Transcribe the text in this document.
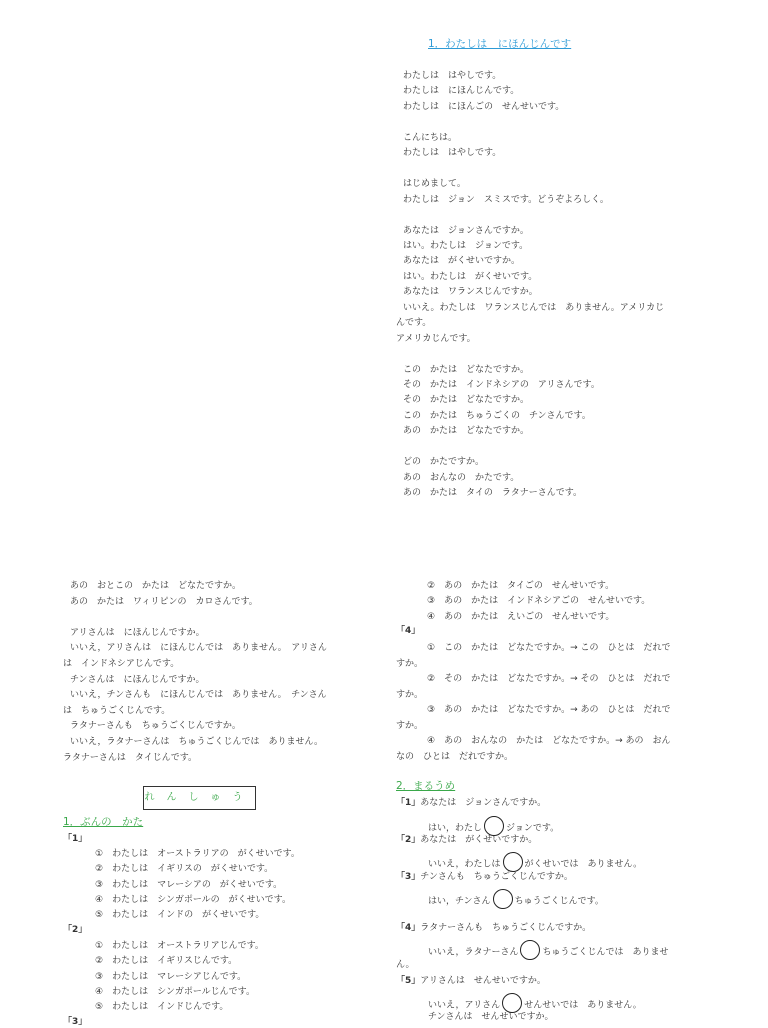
1．わたしは　にほんじんです
わたしは　はやしです。
わたしは　にほんじんです。
わたしは　にほんごの　せんせいです。
こんにちは。
わたしは　はやしです。
はじめまして。
わたしは　ジョン　スミスです。どうぞよろしく。
あなたは　ジョンさんですか。
はい。わたしは　ジョンです。
あなたは　がくせいですか。
はい。わたしは　がくせいです。
あなたは　ワランスじんですか。
いいえ。わたしは　ワランスじんでは　ありません。アメリカじ
んです。
アメリカじんです。
この　かたは　どなたですか。
その　かたは　インドネシアの　アリさんです。
その　かたは　どなたですか。
この　かたは　ちゅうごくの　チンさんです。
あの　かたは　どなたですか。
どの　かたですか。
あの　おんなの　かたです。
あの　かたは　タイの　ラタナーさんです。
あの　おとこの　かたは　どなたですか。
あの　かたは　ワィリピンの　カロさんです。
アリさんは　にほんじんですか。
いいえ，アリさんは　にほんじんでは　ありません。　アリさん
は　インドネシアじんです。
チンさんは　にほんじんですか。
いいえ，チンさんも　にほんじんでは　ありません。　チンさん
は　ちゅうごくじんです。
ラタナーさんも　ちゅうごくじんですか。
いいえ，ラタナーさんは　ちゅうごくじんでは　ありません。
ラタナーさんは　タイじんです。
れんしゅう
1．ぶんの　かた
「1」
①　わたしは　オーストラリアの　がくせいです。
②　わたしは　イギリスの　がくせいです。
③　わたしは　マレーシアの　がくせいです。
④　わたしは　シンガポールの　がくせいです。
⑤　わたしは　インドの　がくせいです。
「2」
①　わたしは　オーストラリアじんです。
②　わたしは　イギリスじんです。
③　わたしは　マレーシアじんです。
④　わたしは　シンガポールじんです。
⑤　わたしは　インドじんです。
「3」
②　あの　かたは　タイごの　せんせいです。
③　あの　かたは　インドネシアごの　せんせいです。
④　あの　かたは　えいごの　せんせいです。
「4」
①　この　かたは　どなたですか。→ この　ひとは　だれで
すか。
②　その　かたは　どなたですか。→ その　ひとは　だれで
すか。
③　あの　かたは　どなたですか。→ あの　ひとは　だれで
すか。
④　あの　おんなの　かたは　どなたですか。→ あの　おん
なの　ひとは　だれですか。
2．まるうめ
「1」あなたは　ジョンさんですか。
はい，わたし	ジョンです。
「2」あなたは　がくせいですか。
いいえ，わたしは	がくせいでは　ありません。
「3」チンさんも　ちゅうごくじんですか。
はい，チンさん	ちゅうごくじんです。
「4」ラタナーさんも　ちゅうごくじんですか。
いいえ，ラタナーさん	ちゅうごくじんでは　ありませ
ん。
「5」アリさんは　せんせいですか。
いいえ，アリさん	せんせいでは　ありません。
チンさんは　せんせいですか。
